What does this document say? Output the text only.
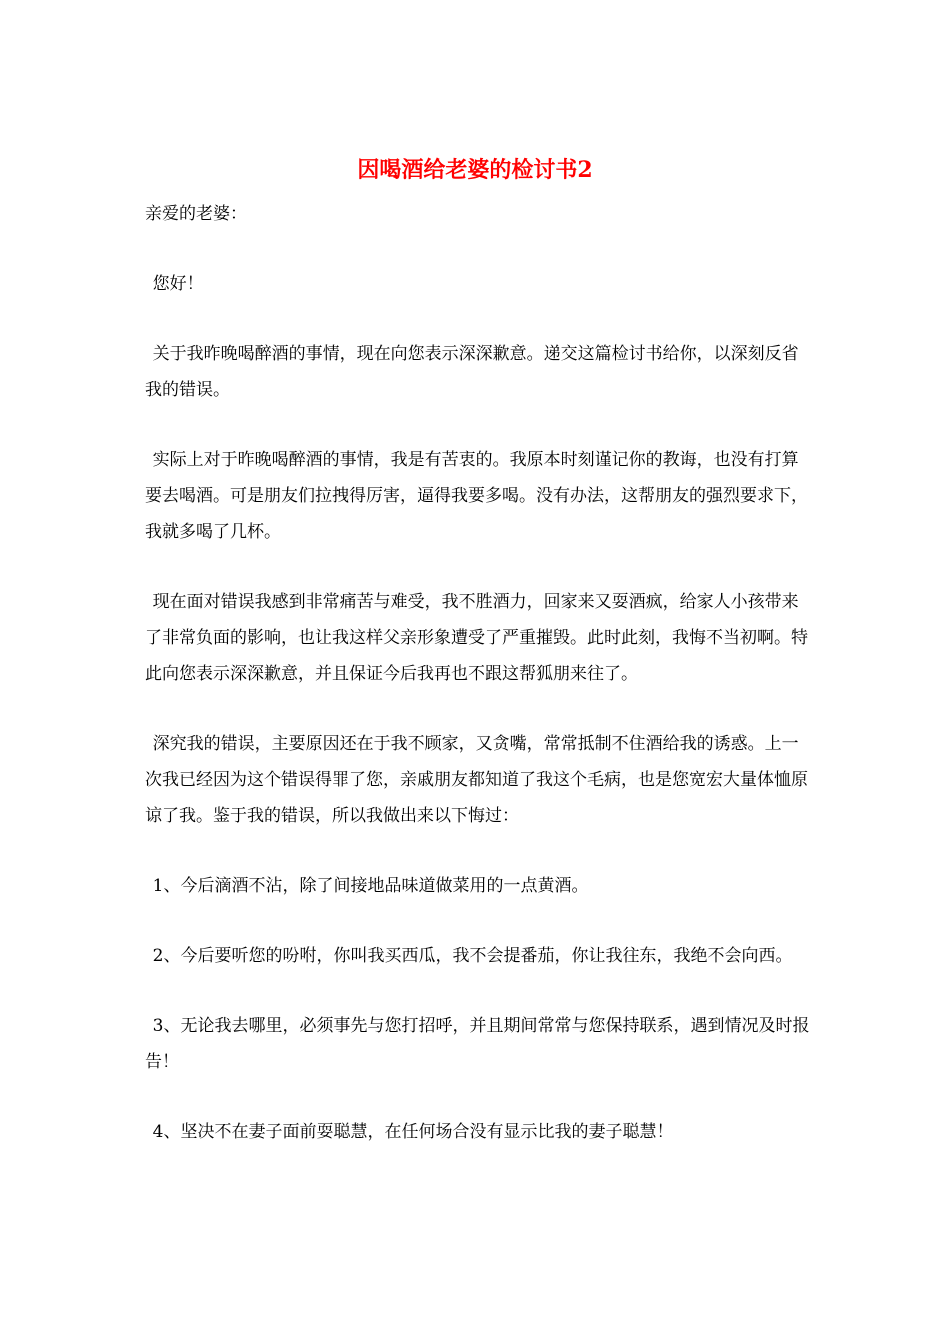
因喝酒给老婆的检讨书2

亲爱的老婆：

您好！

关于我昨晚喝醉酒的事情，现在向您表示深深歉意。递交这篇检讨书给你，以深刻反省我的错误。

实际上对于昨晚喝醉酒的事情，我是有苦衷的。我原本时刻谨记你的教诲，也没有打算要去喝酒。可是朋友们拉拽得厉害，逼得我要多喝。没有办法，这帮朋友的强烈要求下，我就多喝了几杯。

现在面对错误我感到非常痛苦与难受，我不胜酒力，回家来又耍酒疯，给家人小孩带来了非常负面的影响，也让我这样父亲形象遭受了严重摧毁。此时此刻，我悔不当初啊。特此向您表示深深歉意，并且保证今后我再也不跟这帮狐朋来往了。

深究我的错误，主要原因还在于我不顾家，又贪嘴，常常抵制不住酒给我的诱惑。上一次我已经因为这个错误得罪了您，亲戚朋友都知道了我这个毛病，也是您宽宏大量体恤原谅了我。鉴于我的错误，所以我做出来以下悔过：

1、今后滴酒不沾，除了间接地品味道做菜用的一点黄酒。

2、今后要听您的吩咐，你叫我买西瓜，我不会提番茄，你让我往东，我绝不会向西。

3、无论我去哪里，必须事先与您打招呼，并且期间常常与您保持联系，遇到情况及时报告！

4、坚决不在妻子面前耍聪慧，在任何场合没有显示比我的妻子聪慧！
